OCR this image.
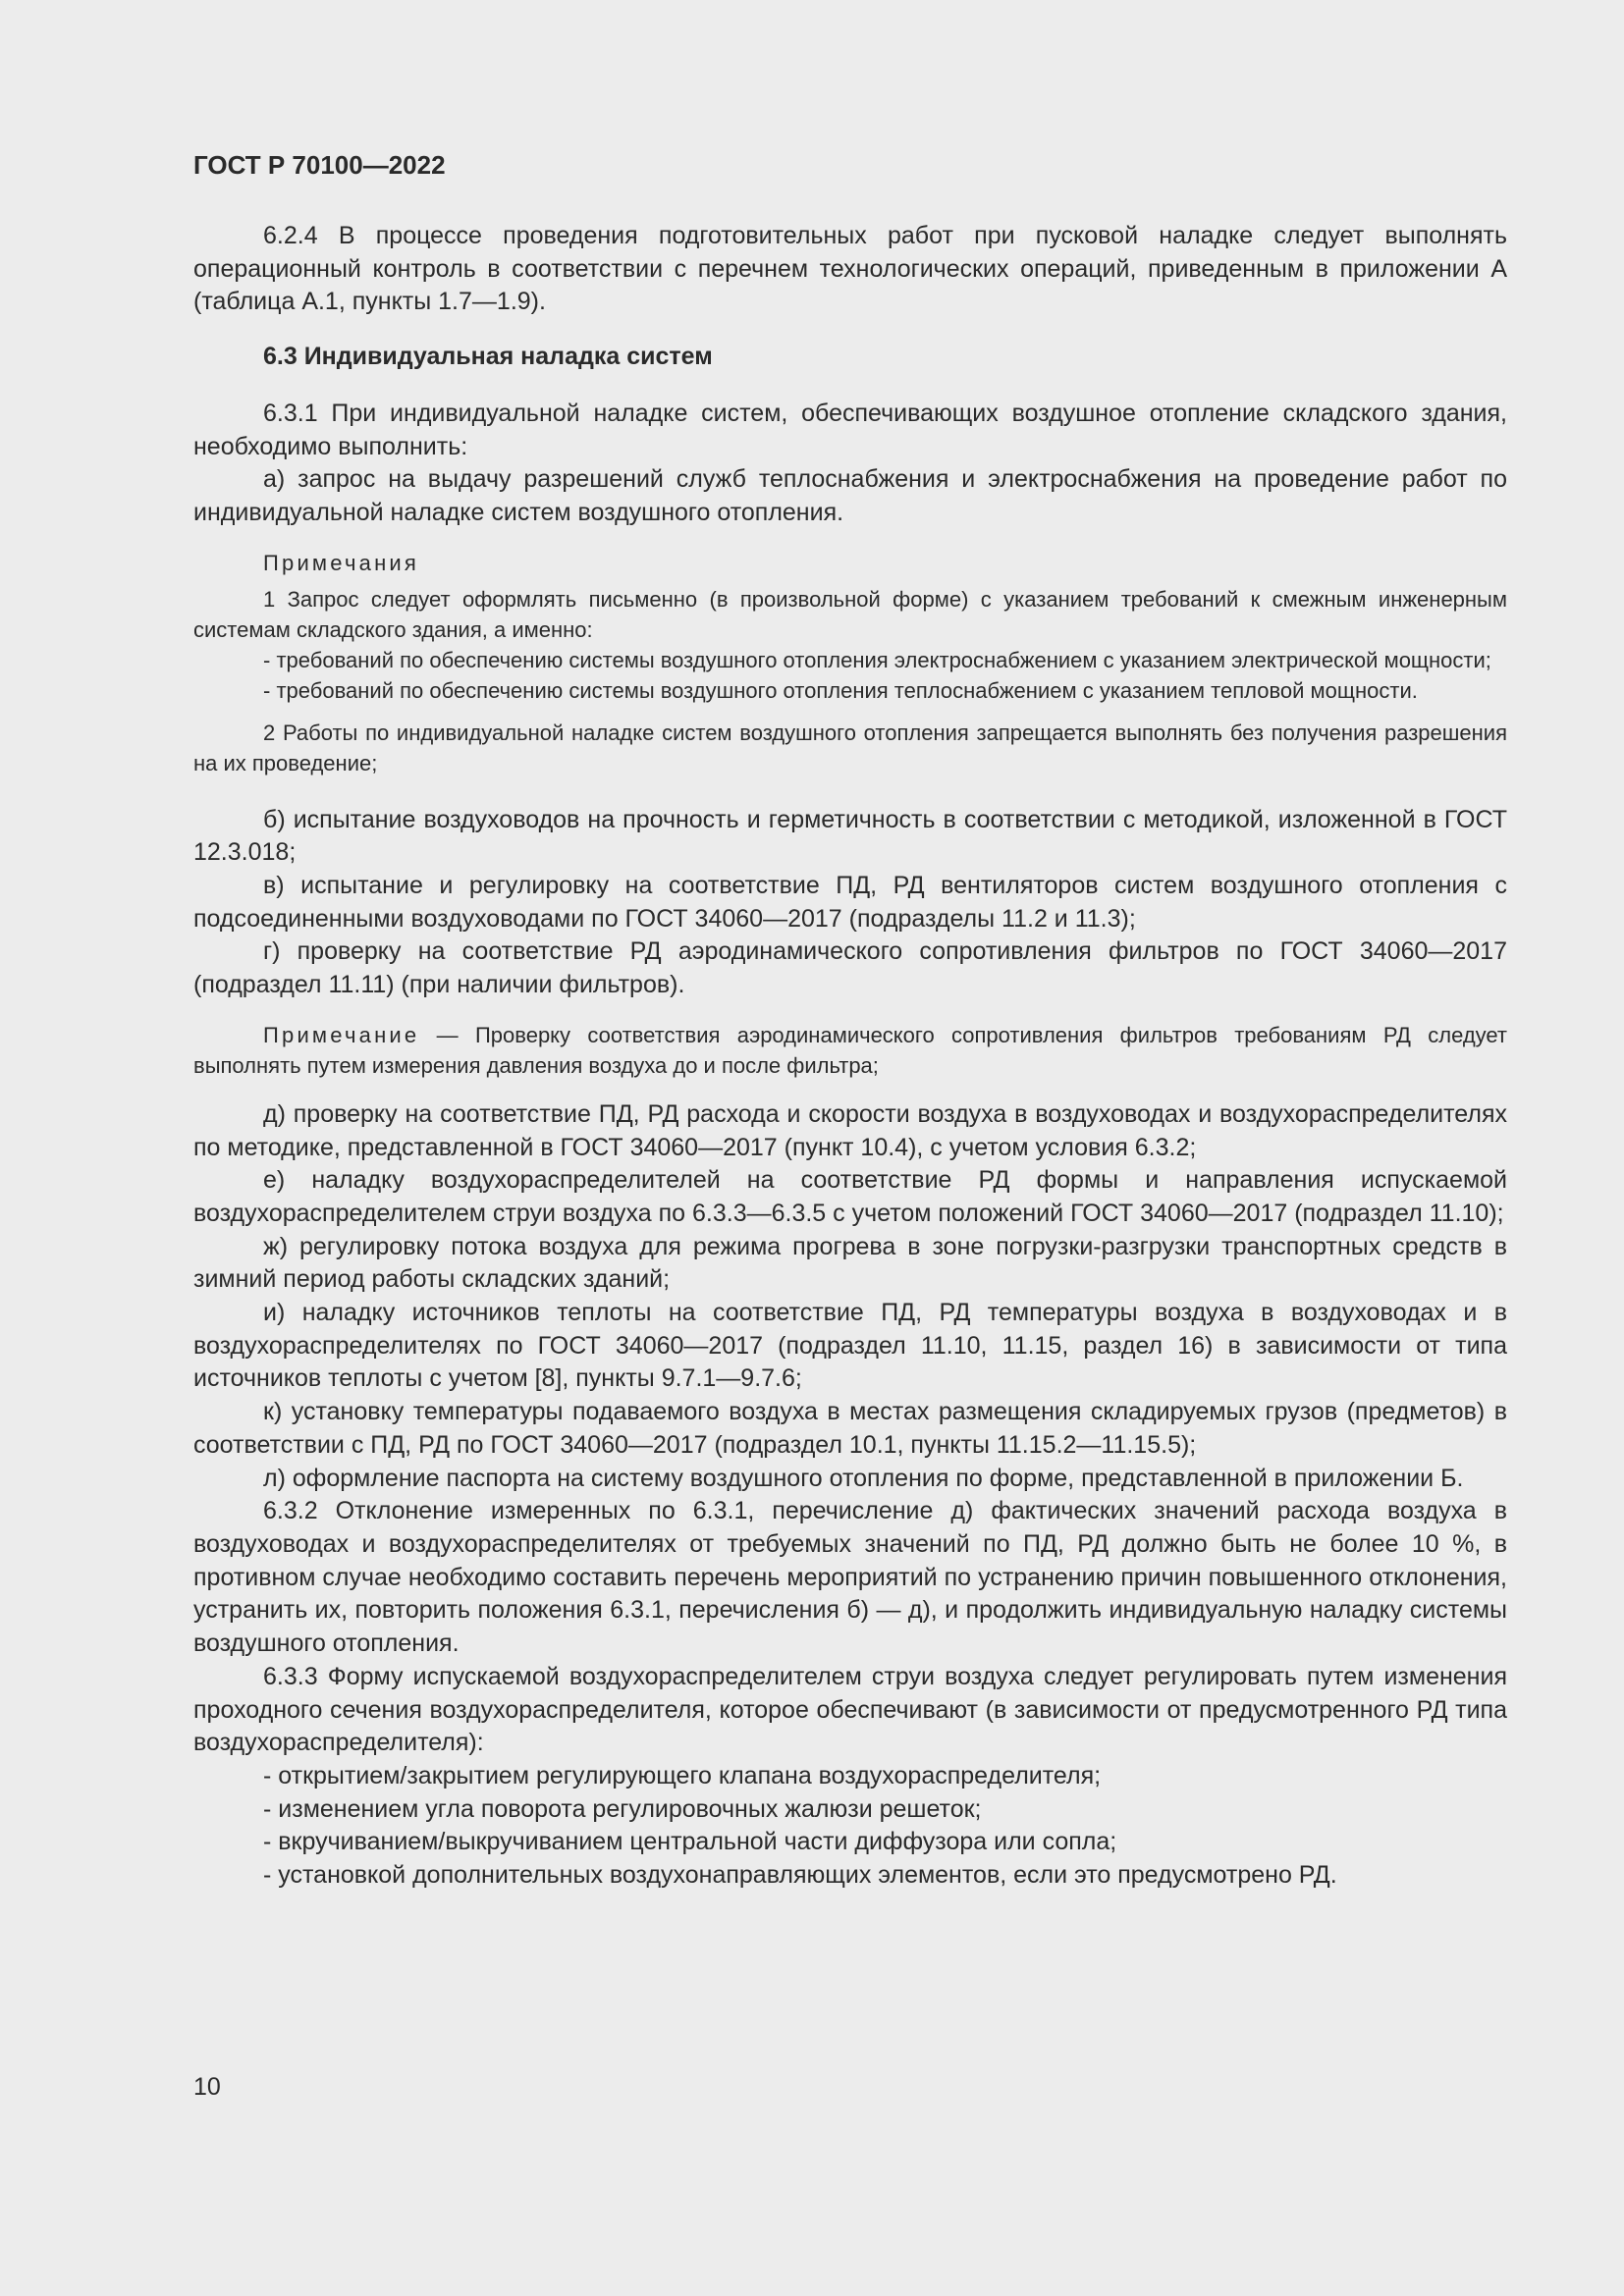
ГОСТ Р 70100—2022

6.2.4 В процессе проведения подготовительных работ при пусковой наладке следует выполнять операционный контроль в соответствии с перечнем технологических операций, приведенным в приложении А (таблица А.1, пункты 1.7—1.9).

6.3 Индивидуальная наладка систем

6.3.1 При индивидуальной наладке систем, обеспечивающих воздушное отопление складского здания, необходимо выполнить:

а) запрос на выдачу разрешений служб теплоснабжения и электроснабжения на проведение работ по индивидуальной наладке систем воздушного отопления.

Примечания

1 Запрос следует оформлять письменно (в произвольной форме) с указанием требований к смежным инженерным системам складского здания, а именно:

- требований по обеспечению системы воздушного отопления электроснабжением с указанием электрической мощности;

- требований по обеспечению системы воздушного отопления теплоснабжением с указанием тепловой мощности.

2 Работы по индивидуальной наладке систем воздушного отопления запрещается выполнять без получения разрешения на их проведение;

б) испытание воздуховодов на прочность и герметичность в соответствии с методикой, изложенной в ГОСТ 12.3.018;

в) испытание и регулировку на соответствие ПД, РД вентиляторов систем воздушного отопления с подсоединенными воздуховодами по ГОСТ 34060—2017 (подразделы 11.2 и 11.3);

г) проверку на соответствие РД аэродинамического сопротивления фильтров по ГОСТ 34060—2017 (подраздел 11.11) (при наличии фильтров).

Примечание — Проверку соответствия аэродинамического сопротивления фильтров требованиям РД следует выполнять путем измерения давления воздуха до и после фильтра;

д) проверку на соответствие ПД, РД расхода и скорости воздуха в воздуховодах и воздухораспределителях по методике, представленной в ГОСТ 34060—2017 (пункт 10.4), с учетом условия 6.3.2;

е) наладку воздухораспределителей на соответствие РД формы и направления испускаемой воздухораспределителем струи воздуха по 6.3.3—6.3.5 с учетом положений ГОСТ 34060—2017 (подраздел 11.10);

ж) регулировку потока воздуха для режима прогрева в зоне погрузки-разгрузки транспортных средств в зимний период работы складских зданий;

и) наладку источников теплоты на соответствие ПД, РД температуры воздуха в воздуховодах и в воздухораспределителях по ГОСТ 34060—2017 (подраздел 11.10, 11.15, раздел 16) в зависимости от типа источников теплоты с учетом [8], пункты 9.7.1—9.7.6;

к) установку температуры подаваемого воздуха в местах размещения складируемых грузов (предметов) в соответствии с ПД, РД по ГОСТ 34060—2017 (подраздел 10.1, пункты 11.15.2—11.15.5);

л) оформление паспорта на систему воздушного отопления по форме, представленной в приложении Б.

6.3.2 Отклонение измеренных по 6.3.1, перечисление д) фактических значений расхода воздуха в воздуховодах и воздухораспределителях от требуемых значений по ПД, РД должно быть не более 10 %, в противном случае необходимо составить перечень мероприятий по устранению причин повышенного отклонения, устранить их, повторить положения 6.3.1, перечисления б) — д), и продолжить индивидуальную наладку системы воздушного отопления.

6.3.3 Форму испускаемой воздухораспределителем струи воздуха следует регулировать путем изменения проходного сечения воздухораспределителя, которое обеспечивают (в зависимости от предусмотренного РД типа воздухораспределителя):

- открытием/закрытием регулирующего клапана воздухораспределителя;

- изменением угла поворота регулировочных жалюзи решеток;

- вкручиванием/выкручиванием центральной части диффузора или сопла;

- установкой дополнительных воздухонаправляющих элементов, если это предусмотрено РД.

10
